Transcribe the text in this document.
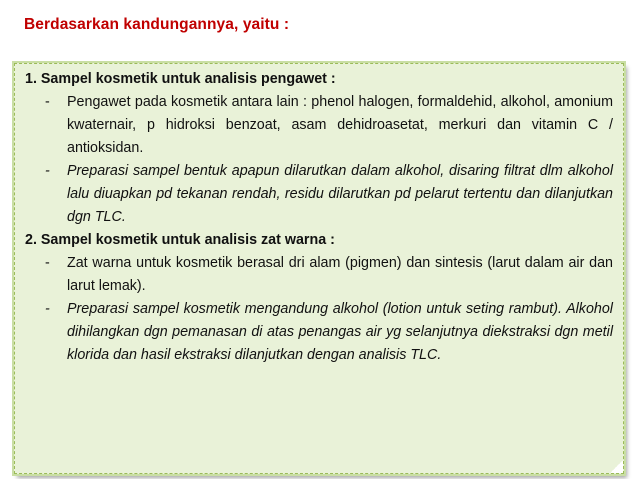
Berdasarkan kandungannya, yaitu :
1. Sampel kosmetik untuk analisis pengawet :
- Pengawet pada kosmetik antara lain : phenol halogen, formaldehid, alkohol, amonium kwaternair, p hidroksi benzoat, asam dehidroasetat, merkuri dan vitamin C / antioksidan.
- Preparasi sampel bentuk apapun dilarutkan dalam alkohol, disaring filtrat dlm alkohol lalu diuapkan pd tekanan rendah, residu dilarutkan pd pelarut tertentu dan dilanjutkan dgn TLC.
2. Sampel kosmetik untuk analisis zat warna :
- Zat warna untuk kosmetik berasal dri alam (pigmen) dan sintesis (larut dalam air dan larut lemak).
- Preparasi sampel kosmetik mengandung alkohol (lotion untuk seting rambut). Alkohol dihilangkan dgn pemanasan di atas penangas air yg selanjutnya diekstraksi dgn metil klorida dan hasil ekstraksi dilanjutkan dengan analisis TLC.
